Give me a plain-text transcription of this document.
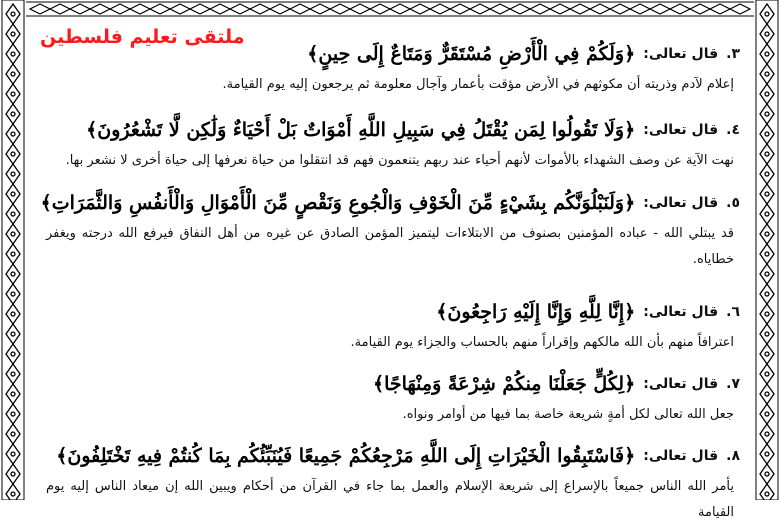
ملتقى تعليم فلسطين
٣.
قال تعالى:
﴿وَلَكُمْ فِي الْأَرْضِ مُسْتَقَرٌّ وَمَتَاعٌ إِلَى حِينٍ﴾
إعلام لآدم وذريته أن مكوثهم في الأرض مؤقت بأعمار وآجال معلومة ثم يرجعون إليه يوم القيامة.
٤.
قال تعالى:
﴿وَلَا تَقُولُوا لِمَن يُقْتَلُ فِي سَبِيلِ اللَّهِ أَمْوَاتٌ بَلْ أَحْيَاءٌ وَلَٰكِن لَّا تَشْعُرُونَ﴾
نهت الآية عن وصف الشهداء بالأموات لأنهم أحياء عند ربهم يتنعمون فهم قد انتقلوا من حياة نعرفها إلى حياة أخرى لا نشعر بها.
٥.
قال تعالى:
﴿وَلَنَبْلُوَنَّكُم بِشَيْءٍ مِّنَ الْخَوْفِ وَالْجُوعِ وَنَقْصٍ مِّنَ الْأَمْوَالِ وَالْأَنفُسِ وَالثَّمَرَاتِ﴾
قد يبتلي الله - عباده المؤمنين بصنوف من الابتلاءات ليتميز المؤمن الصادق عن غيره من أهل النفاق فيرفع الله درجته ويغفر خطاياه.
٦.
قال تعالى:
﴿إِنَّا لِلَّهِ وَإِنَّا إِلَيْهِ رَاجِعُونَ﴾
اعترافاً منهم بأن الله مالكهم وإقراراً منهم بالحساب والجزاء يوم القيامة.
٧.
قال تعالى:
﴿لِكُلٍّ جَعَلْنَا مِنكُمْ شِرْعَةً وَمِنْهَاجًا﴾
جعل الله تعالى لكل أمةٍ شريعة خاصة بما فيها من أوامر ونواه.
٨.
قال تعالى:
﴿فَاسْتَبِقُوا الْخَيْرَاتِ إِلَى اللَّهِ مَرْجِعُكُمْ جَمِيعًا فَيُنَبِّئُكُم بِمَا كُنتُمْ فِيهِ تَخْتَلِفُونَ﴾
يأمر الله الناس جميعاً بالإسراع إلى شريعة الإسلام والعمل بما جاء في القرآن من أحكام ويبين الله إن ميعاد الناس إليه يوم القيامة
